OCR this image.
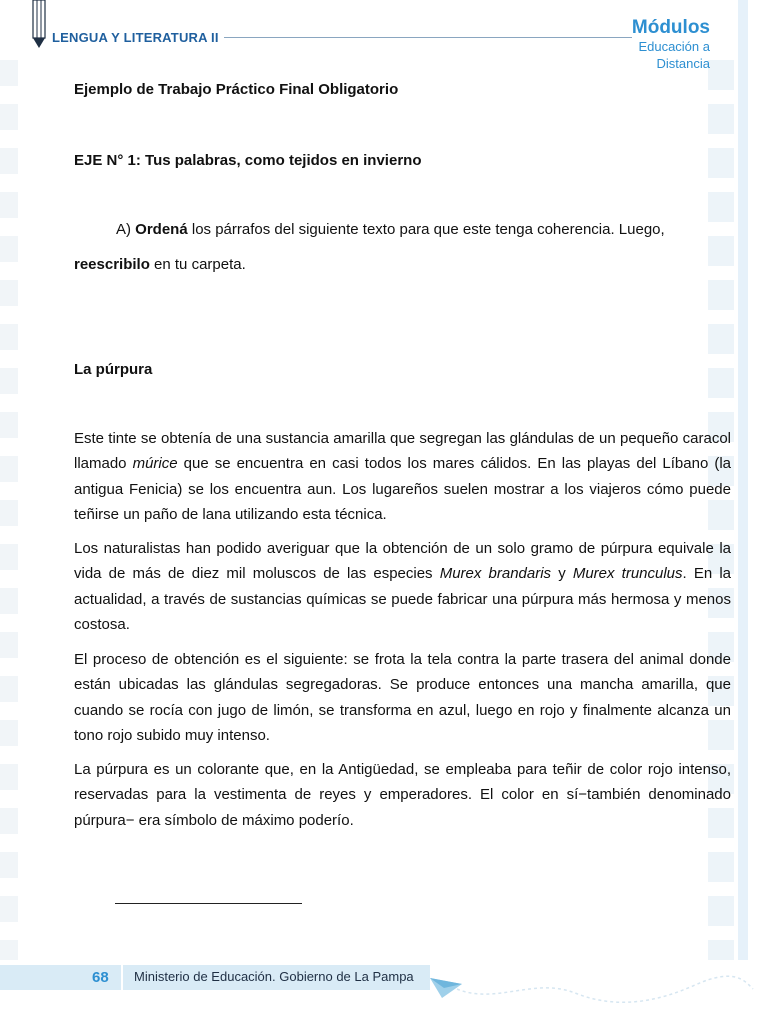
LENGUA Y LITERATURA II	Módulos
Educación a
Distancia
Ejemplo de Trabajo Práctico Final Obligatorio
EJE N° 1: Tus palabras, como tejidos en invierno
A) Ordená los párrafos del siguiente texto para que este tenga coherencia. Luego,
reescribilo en tu carpeta.
La púrpura

Este tinte se obtenía de una sustancia amarilla que segregan las glándulas de un pequeño caracol llamado múrice que se encuentra en casi todos los mares cálidos. En las playas del Líbano (la antigua Fenicia) se los encuentra aun. Los lugareños suelen mostrar a los viajeros cómo puede teñirse un paño de lana utilizando esta técnica.

Los naturalistas han podido averiguar que la obtención de un solo gramo de púrpura equivale la vida de más de diez mil moluscos de las especies Murex brandaris y Murex trunculus. En la actualidad, a través de sustancias químicas se puede fabricar una púrpura más hermosa y menos costosa.

El proceso de obtención es el siguiente: se frota la tela contra la parte trasera del animal donde están ubicadas las glándulas segregadoras. Se produce entonces una mancha amarilla, que cuando se rocía con jugo de limón, se transforma en azul, luego en rojo y finalmente alcanza un tono rojo subido muy intenso.
La púrpura es un colorante que, en la Antigüedad, se empleaba para teñir de color rojo intenso, reservadas para la vestimenta de reyes y emperadores. El color en sí−también denominado púrpura− era símbolo de máximo poderío.
68 Ministerio de Educación. Gobierno de La Pampa
